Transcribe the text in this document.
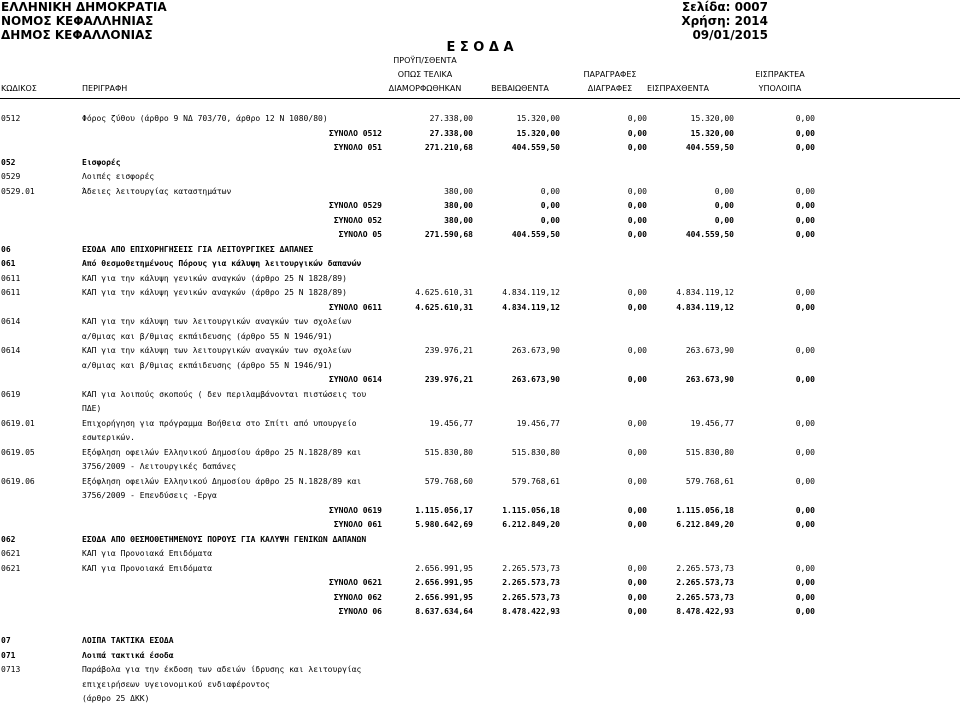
ΕΛΛΗΝΙΚΗ ΔΗΜΟΚΡΑΤΙΑ
ΝΟΜΟΣ ΚΕΦΑΛΛΗΝΙΑΣ
ΔΗΜΟΣ ΚΕΦΑΛΛΟΝΙΑΣ
Σελίδα: 0007
Χρήση: 2014
09/01/2015
Ε Σ Ο Δ Α
ΚΩΔΙΚΟΣ	ΠΕΡΙΓΡΑΦΗ
ΠΡΟΫΠ/ΣΘΕΝΤΑ
ΟΠΩΣ ΤΕΛΙΚΑ
ΔΙΑΜΟΡΦΩΘΗΚΑΝ	ΒΕΒΑΙΩΘΕΝΤΑ
ΠΑΡΑΓΡΑΦΕΣ
ΔΙΑΓΡΑΦΕΣ	ΕΙΣΠΡΑΧΘΕΝΤΑ
ΕΙΣΠΡΑΚΤΕΑ
ΥΠΟΛΟΙΠΑ
0512	Φόρος ζύθου (άρθρο 9 ΝΔ 703/70, άρθρο 12 Ν 1080/80)	27.338,00	15.320,00	0,00	15.320,00	0,00
ΣΥΝΟΛΟ 0512	27.338,00	15.320,00	0,00	15.320,00	0,00
ΣΥΝΟΛΟ 051	271.210,68	404.559,50	0,00	404.559,50	0,00
052	Εισφορές
0529	Λοιπές εισφορές
0529.01	Άδειες λειτουργίας καταστημάτων	380,00	0,00	0,00	0,00	0,00
ΣΥΝΟΛΟ 0529	380,00	0,00	0,00	0,00	0,00
ΣΥΝΟΛΟ 052	380,00	0,00	0,00	0,00	0,00
ΣΥΝΟΛΟ 05	271.590,68	404.559,50	0,00	404.559,50	0,00
06	ΕΣΟΔΑ ΑΠΟ ΕΠΙΧΟΡΗΓΗΣΕΙΣ ΓΙΑ ΛΕΙΤΟΥΡΓΙΚΕΣ ΔΑΠΑΝΕΣ
061	Από θεσμοθετημένους Πόρους για κάλυψη λειτουργικών δαπανών
0611	ΚΑΠ για την κάλυψη γενικών αναγκών (άρθρο 25 Ν 1828/89)
0611	ΚΑΠ για την κάλυψη γενικών αναγκών (άρθρο 25 Ν 1828/89)	4.625.610,31	4.834.119,12	0,00	4.834.119,12	0,00
ΣΥΝΟΛΟ 0611	4.625.610,31	4.834.119,12	0,00	4.834.119,12	0,00
0614	ΚΑΠ για την κάλυψη των λειτουργικών αναγκών των σχολείων
α/θμιας και β/θμιας εκπάιδευσης (άρθρο 55 Ν 1946/91)
0614	ΚΑΠ για την κάλυψη των λειτουργικών αναγκών των σχολείων	239.976,21	263.673,90	0,00	263.673,90	0,00
α/θμιας και β/θμιας εκπάιδευσης (άρθρο 55 Ν 1946/91)
ΣΥΝΟΛΟ 0614	239.976,21	263.673,90	0,00	263.673,90	0,00
0619	ΚΑΠ για λοιπούς σκοπούς ( δεν περιλαμβάνονται πιστώσεις του
ΠΔΕ)
0619.01	Επιχορήγηση για πρόγραμμα Βοήθεια στο Σπίτι από υπουργείο	19.456,77	19.456,77	0,00	19.456,77	0,00
εσωτερικών.
0619.05	Εξόφληση οφειλών Ελληνικού Δημοσίου άρθρο 25 Ν.1828/89 και	515.830,80	515.830,80	0,00	515.830,80	0,00
3756/2009 - Λειτουργικές δαπάνες
0619.06	Εξόφληση οφειλών Ελληνικού Δημοσίου άρθρο 25 Ν.1828/89 και	579.768,60	579.768,61	0,00	579.768,61	0,00
3756/2009 - Επενδύσεις -Εργα
ΣΥΝΟΛΟ 0619	1.115.056,17	1.115.056,18	0,00	1.115.056,18	0,00
ΣΥΝΟΛΟ 061	5.980.642,69	6.212.849,20	0,00	6.212.849,20	0,00
062	ΕΣΟΔΑ ΑΠΟ ΘΕΣΜΟΘΕΤΗΜΕΝΟΥΣ ΠΟΡΟΥΣ ΓΙΑ ΚΑΛΥΨΗ ΓΕΝΙΚΩΝ ΔΑΠΑΝΩΝ
0621	ΚΑΠ για Προνοιακά Επιδόματα
0621	ΚΑΠ για Προνοιακά Επιδόματα	2.656.991,95	2.265.573,73	0,00	2.265.573,73	0,00
ΣΥΝΟΛΟ 0621	2.656.991,95	2.265.573,73	0,00	2.265.573,73	0,00
ΣΥΝΟΛΟ 062	2.656.991,95	2.265.573,73	0,00	2.265.573,73	0,00
ΣΥΝΟΛΟ 06	8.637.634,64	8.478.422,93	0,00	8.478.422,93	0,00
07	ΛΟΙΠΑ ΤΑΚΤΙΚΑ ΕΣΟΔΑ
071	Λοιπά τακτικά έσοδα
0713	Παράβολα για την έκδοση των αδειών ίδρυσης και λειτουργίας
επιχειρήσεων υγειονομικού ενδιαφέροντος
(άρθρο 25 ΔΚΚ)
